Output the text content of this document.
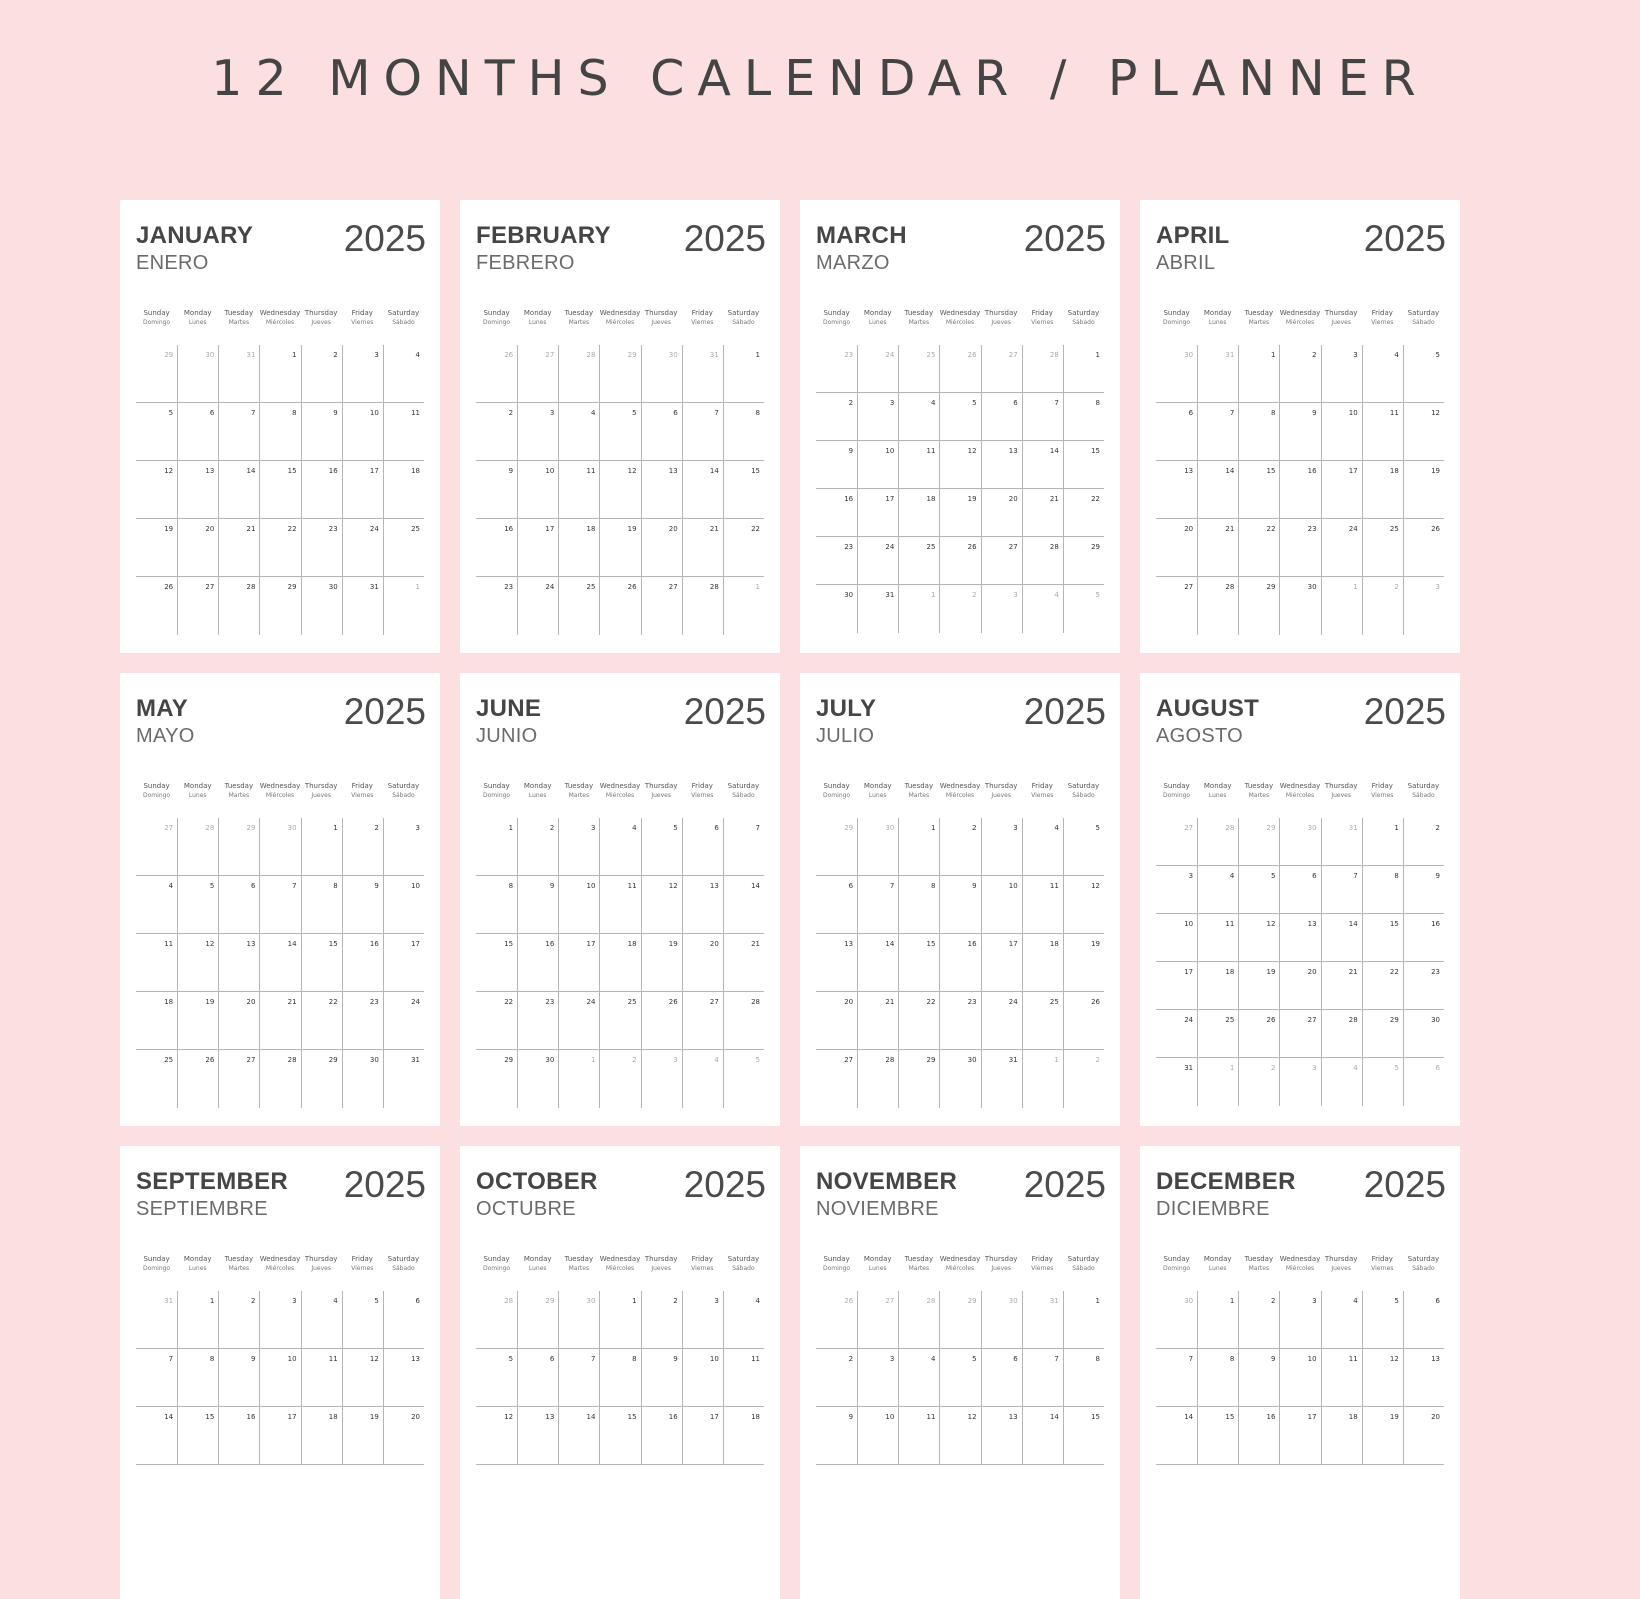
12 MONTHS CALENDAR / PLANNER
JANUARY
ENERO
2025
Sunday
Domingo
Monday
Lunes
Tuesday
Martes
Wednesday
Miércoles
Thursday
Jueves
Friday
Viernes
Saturday
Sábado
29	30	31	1	2	3	4
5	6	7	8	9	10	11
12	13	14	15	16	17	18
19	20	21	22	23	24	25
26	27	28	29	30	31	1
FEBRUARY
FEBRERO
2025
Sunday
Domingo
Monday
Lunes
Tuesday
Martes
Wednesday
Miércoles
Thursday
Jueves
Friday
Viernes
Saturday
Sábado
26	27	28	29	30	31	1
2	3	4	5	6	7	8
9	10	11	12	13	14	15
16	17	18	19	20	21	22
23	24	25	26	27	28	1
MARCH
MARZO
2025
Sunday
Domingo
Monday
Lunes
Tuesday
Martes
Wednesday
Miércoles
Thursday
Jueves
Friday
Viernes
Saturday
Sábado
23	24	25	26	27	28	1
2	3	4	5	6	7	8
9	10	11	12	13	14	15
16	17	18	19	20	21	22
23	24	25	26	27	28	29
30	31	1	2	3	4	5
APRIL
ABRIL
2025
Sunday
Domingo
Monday
Lunes
Tuesday
Martes
Wednesday
Miércoles
Thursday
Jueves
Friday
Viernes
Saturday
Sábado
30	31	1	2	3	4	5
6	7	8	9	10	11	12
13	14	15	16	17	18	19
20	21	22	23	24	25	26
27	28	29	30	1	2	3
MAY
MAYO
2025
Sunday
Domingo
Monday
Lunes
Tuesday
Martes
Wednesday
Miércoles
Thursday
Jueves
Friday
Viernes
Saturday
Sábado
27	28	29	30	1	2	3
4	5	6	7	8	9	10
11	12	13	14	15	16	17
18	19	20	21	22	23	24
25	26	27	28	29	30	31
JUNE
JUNIO
2025
Sunday
Domingo
Monday
Lunes
Tuesday
Martes
Wednesday
Miércoles
Thursday
Jueves
Friday
Viernes
Saturday
Sábado
1	2	3	4	5	6	7
8	9	10	11	12	13	14
15	16	17	18	19	20	21
22	23	24	25	26	27	28
29	30	1	2	3	4	5
JULY
JULIO
2025
Sunday
Domingo
Monday
Lunes
Tuesday
Martes
Wednesday
Miércoles
Thursday
Jueves
Friday
Viernes
Saturday
Sábado
29	30	1	2	3	4	5
6	7	8	9	10	11	12
13	14	15	16	17	18	19
20	21	22	23	24	25	26
27	28	29	30	31	1	2
AUGUST
AGOSTO
2025
Sunday
Domingo
Monday
Lunes
Tuesday
Martes
Wednesday
Miércoles
Thursday
Jueves
Friday
Viernes
Saturday
Sábado
27	28	29	30	31	1	2
3	4	5	6	7	8	9
10	11	12	13	14	15	16
17	18	19	20	21	22	23
24	25	26	27	28	29	30
31	1	2	3	4	5	6
SEPTEMBER
SEPTIEMBRE
2025
Sunday
Domingo
Monday
Lunes
Tuesday
Martes
Wednesday
Miércoles
Thursday
Jueves
Friday
Viernes
Saturday
Sábado
31	1	2	3	4	5	6
7	8	9	10	11	12	13
14	15	16	17	18	19	20
OCTOBER
OCTUBRE
2025
Sunday
Domingo
Monday
Lunes
Tuesday
Martes
Wednesday
Miércoles
Thursday
Jueves
Friday
Viernes
Saturday
Sábado
28	29	30	1	2	3	4
5	6	7	8	9	10	11
12	13	14	15	16	17	18
NOVEMBER
NOVIEMBRE
2025
Sunday
Domingo
Monday
Lunes
Tuesday
Martes
Wednesday
Miércoles
Thursday
Jueves
Friday
Viernes
Saturday
Sábado
26	27	28	29	30	31	1
2	3	4	5	6	7	8
9	10	11	12	13	14	15
DECEMBER
DICIEMBRE
2025
Sunday
Domingo
Monday
Lunes
Tuesday
Martes
Wednesday
Miércoles
Thursday
Jueves
Friday
Viernes
Saturday
Sábado
30	1	2	3	4	5	6
7	8	9	10	11	12	13
14	15	16	17	18	19	20
